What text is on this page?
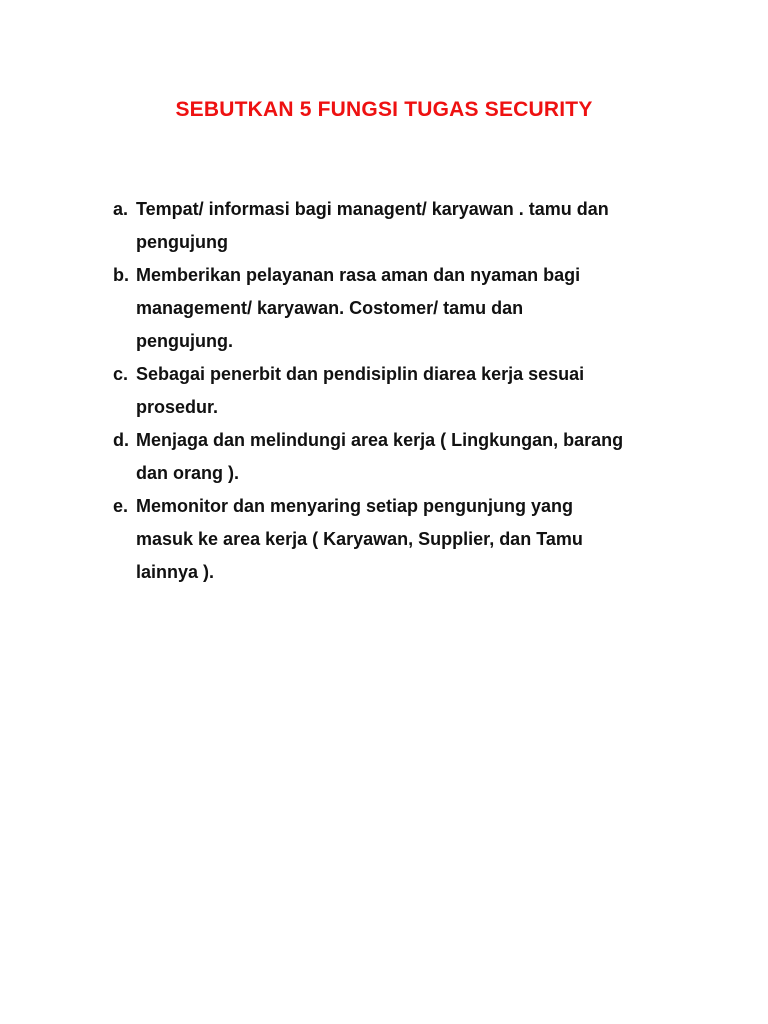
SEBUTKAN 5 FUNGSI TUGAS SECURITY
a. Tempat/ informasi bagi managent/ karyawan . tamu dan
pengujung
b. Memberikan pelayanan rasa aman dan nyaman bagi
management/ karyawan. Costomer/ tamu dan
pengujung.
c. Sebagai penerbit dan pendisiplin diarea kerja sesuai
prosedur.
d. Menjaga dan melindungi area kerja ( Lingkungan, barang
dan orang ).
e. Memonitor dan menyaring setiap pengunjung yang
masuk ke area kerja ( Karyawan, Supplier, dan Tamu
lainnya ).
